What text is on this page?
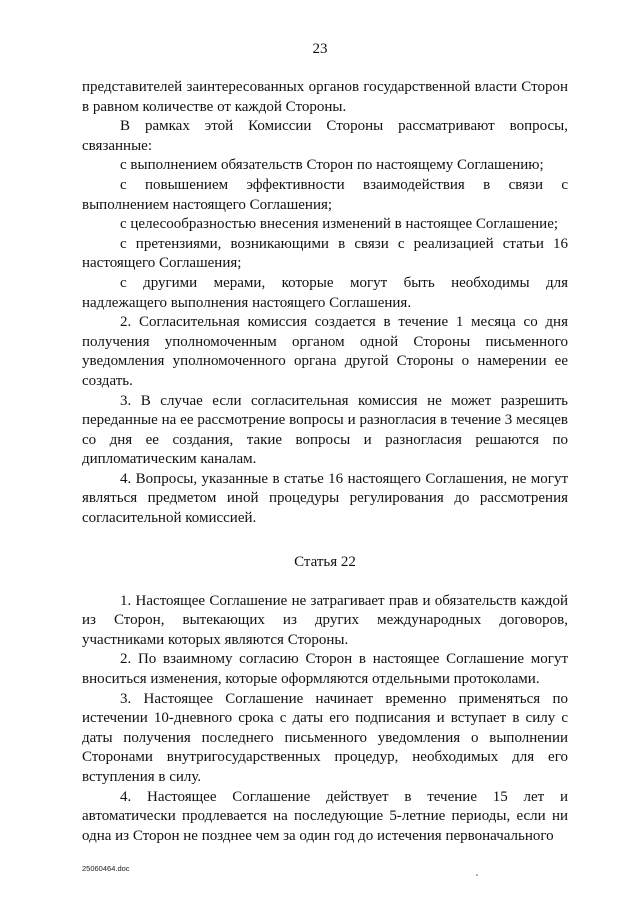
23

представителей заинтересованных органов государственной власти Сторон в равном количестве от каждой Стороны.

В рамках этой Комиссии Стороны рассматривают вопросы, связанные:

с выполнением обязательств Сторон по настоящему Соглашению;

с повышением эффективности взаимодействия в связи с выполнением настоящего Соглашения;

с целесообразностью внесения изменений в настоящее Соглашение;

с претензиями, возникающими в связи с реализацией статьи 16 настоящего Соглашения;

с другими мерами, которые могут быть необходимы для надлежащего выполнения настоящего Соглашения.

2. Согласительная комиссия создается в течение 1 месяца со дня получения уполномоченным органом одной Стороны письменного уведомления уполномоченного органа другой Стороны о намерении ее создать.

3. В случае если согласительная комиссия не может разрешить переданные на ее рассмотрение вопросы и разногласия в течение 3 месяцев со дня ее создания, такие вопросы и разногласия решаются по дипломатическим каналам.

4. Вопросы, указанные в статье 16 настоящего Соглашения, не могут являться предметом иной процедуры регулирования до рассмотрения согласительной комиссией.

Статья 22

1. Настоящее Соглашение не затрагивает прав и обязательств каждой из Сторон, вытекающих из других международных договоров, участниками которых являются Стороны.

2. По взаимному согласию Сторон в настоящее Соглашение могут вноситься изменения, которые оформляются отдельными протоколами.

3. Настоящее Соглашение начинает временно применяться по истечении 10-дневного срока с даты его подписания и вступает в силу с даты получения последнего письменного уведомления о выполнении Сторонами внутригосударственных процедур, необходимых для его вступления в силу.

4. Настоящее Соглашение действует в течение 15 лет и автоматически продлевается на последующие 5-летние периоды, если ни одна из Сторон не позднее чем за один год до истечения первоначального

25060464.doc
